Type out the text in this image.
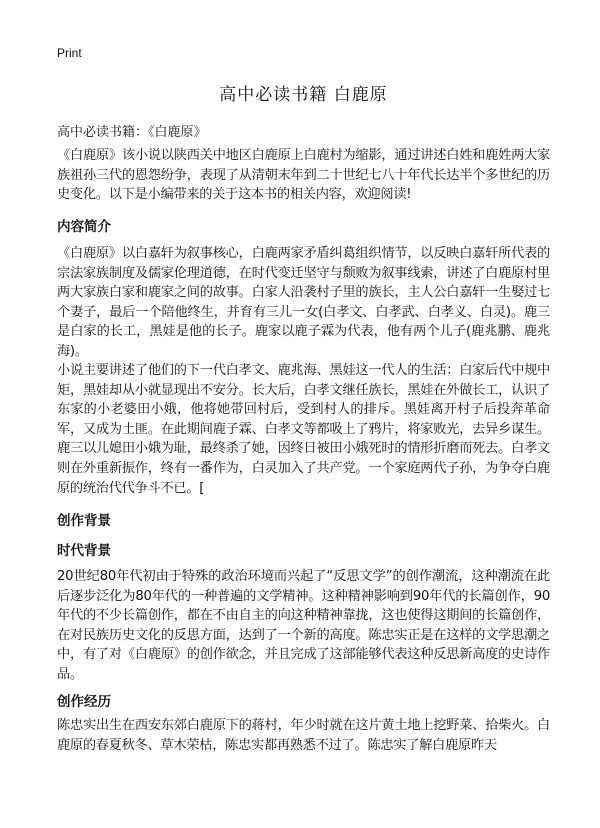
Print
高中必读书籍 白鹿原

高中必读书籍：《白鹿原》

《白鹿原》该小说以陕西关中地区白鹿原上白鹿村为缩影，通过讲述白姓和鹿姓两大家族祖孙三代的恩怨纷争，表现了从清朝末年到二十世纪七八十年代长达半个多世纪的历史变化。以下是小编带来的关于这本书的相关内容，欢迎阅读!

内容简介

《白鹿原》以白嘉轩为叙事核心，白鹿两家矛盾纠葛组织情节，以反映白嘉轩所代表的宗法家族制度及儒家伦理道德，在时代变迁坚守与颓败为叙事线索，讲述了白鹿原村里两大家族白家和鹿家之间的故事。白家人沿袭村子里的族长，主人公白嘉轩一生娶过七个妻子，最后一个陪他终生，并育有三儿一女(白孝文、白孝武、白孝义、白灵)。鹿三是白家的长工，黑娃是他的长子。鹿家以鹿子霖为代表，他有两个儿子(鹿兆鹏、鹿兆海)。

小说主要讲述了他们的下一代白孝文、鹿兆海、黑娃这一代人的生活：白家后代中规中矩，黑娃却从小就显现出不安分。长大后，白孝文继任族长，黑娃在外做长工，认识了东家的小老婆田小娥，他将她带回村后，受到村人的排斥。黑娃离开村子后投奔革命军，又成为土匪。在此期间鹿子霖、白孝文等都吸上了鸦片，将家败光，去异乡谋生。鹿三以儿媳田小娥为耻，最终杀了她，因终日被田小娥死时的情形折磨而死去。白孝文则在外重新振作，终有一番作为，白灵加入了共产党。一个家庭两代子孙，为争夺白鹿原的统治代代争斗不已。[

创作背景

时代背景

20世纪80年代初由于特殊的政治环境而兴起了“反思文学”的创作潮流，这种潮流在此后逐步泛化为80年代的一种普遍的文学精神。这种精神影响到90年代的长篇创作，90年代的不少长篇创作，都在不由自主的向这种精神靠拢，这也使得这期间的长篇创作，在对民族历史文化的反思方面，达到了一个新的高度。陈忠实正是在这样的文学思潮之中，有了对《白鹿原》的创作欲念，并且完成了这部能够代表这种反思新高度的史诗作品。

创作经历

陈忠实出生在西安东郊白鹿原下的蒋村，年少时就在这片黄土地上挖野菜、拾柴火。白鹿原的春夏秋冬、草木荣枯，陈忠实都再熟悉不过了。陈忠实了解白鹿原昨天
